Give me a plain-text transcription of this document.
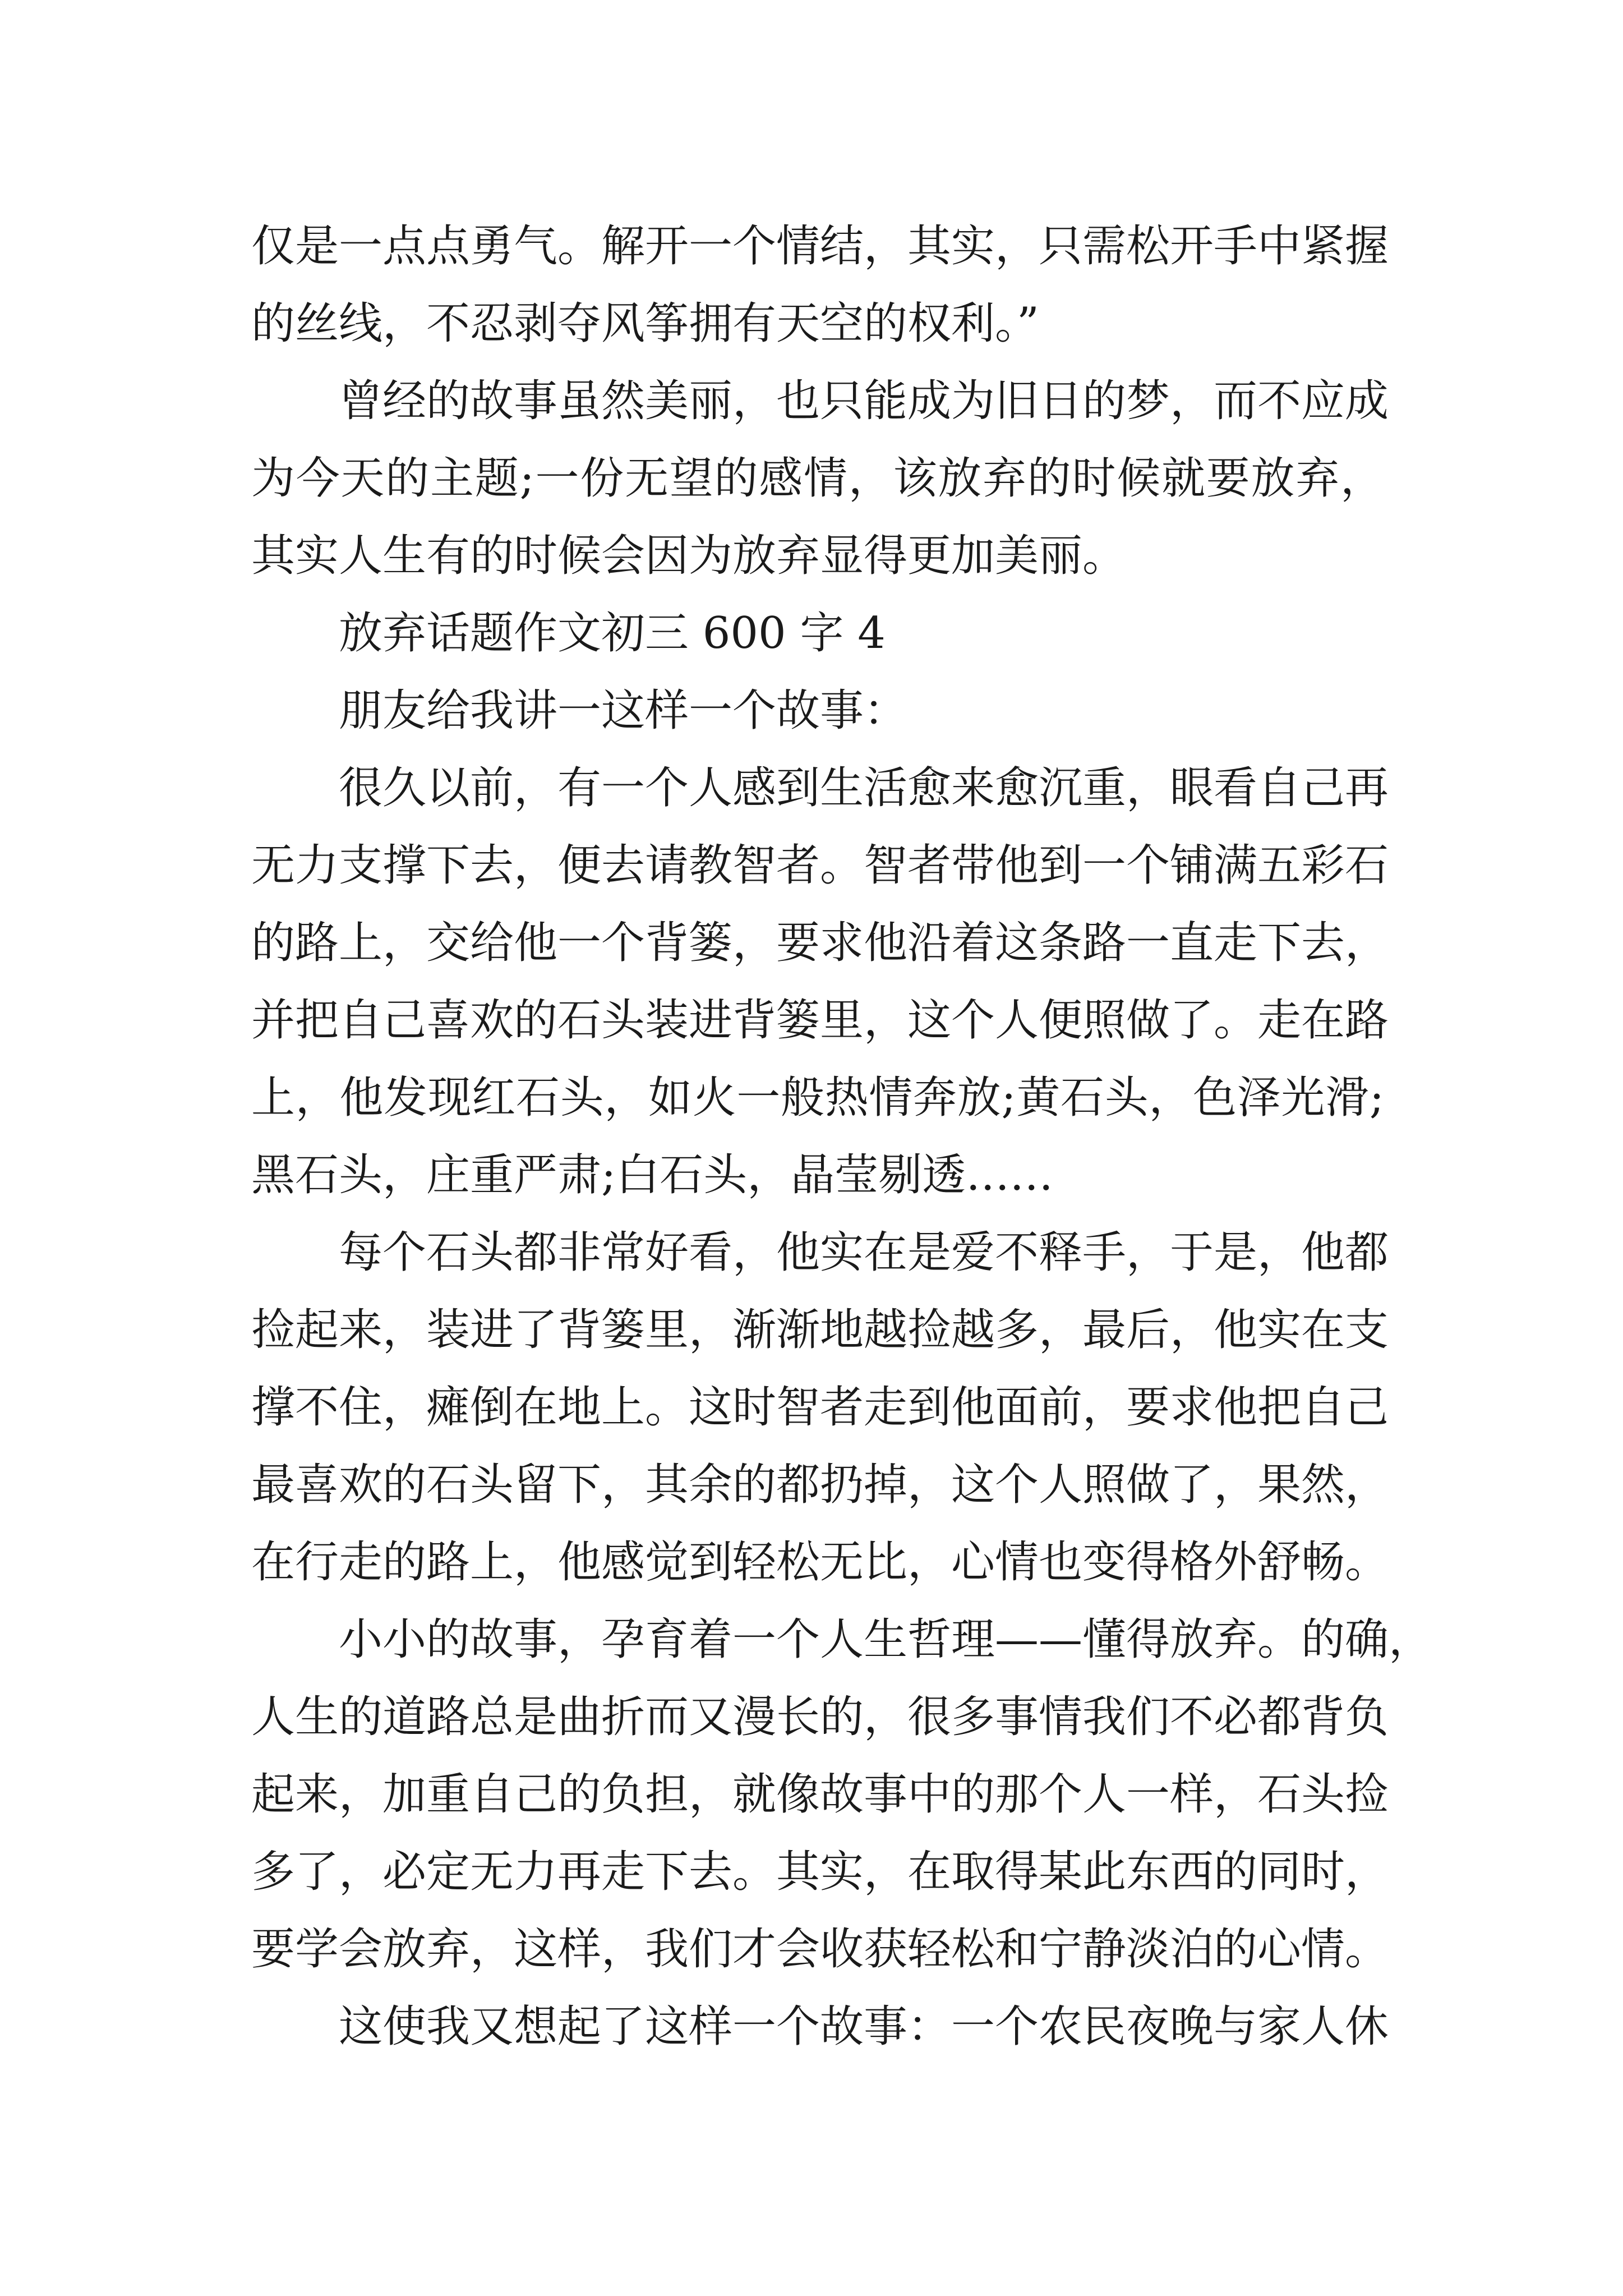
仅是一点点勇气。解开一个情结，其实，只需松开手中紧握
的丝线，不忍剥夺风筝拥有天空的权利。”
曾经的故事虽然美丽，也只能成为旧日的梦，而不应成
为今天的主题;一份无望的感情，该放弃的时候就要放弃，
其实人生有的时候会因为放弃显得更加美丽。
放弃话题作文初三 600 字 4
朋友给我讲一这样一个故事：
很久以前，有一个人感到生活愈来愈沉重，眼看自己再
无力支撑下去，便去请教智者。智者带他到一个铺满五彩石
的路上，交给他一个背篓，要求他沿着这条路一直走下去，
并把自己喜欢的石头装进背篓里，这个人便照做了。走在路
上，他发现红石头，如火一般热情奔放;黄石头，色泽光滑;
黑石头，庄重严肃;白石头，晶莹剔透……
每个石头都非常好看，他实在是爱不释手，于是，他都
捡起来，装进了背篓里，渐渐地越捡越多，最后，他实在支
撑不住，瘫倒在地上。这时智者走到他面前，要求他把自己
最喜欢的石头留下，其余的都扔掉，这个人照做了，果然，
在行走的路上，他感觉到轻松无比，心情也变得格外舒畅。
小小的故事，孕育着一个人生哲理——懂得放弃。的确，
人生的道路总是曲折而又漫长的，很多事情我们不必都背负
起来，加重自己的负担，就像故事中的那个人一样，石头捡
多了，必定无力再走下去。其实，在取得某此东西的同时，
要学会放弃，这样，我们才会收获轻松和宁静淡泊的心情。
这使我又想起了这样一个故事：一个农民夜晚与家人休
